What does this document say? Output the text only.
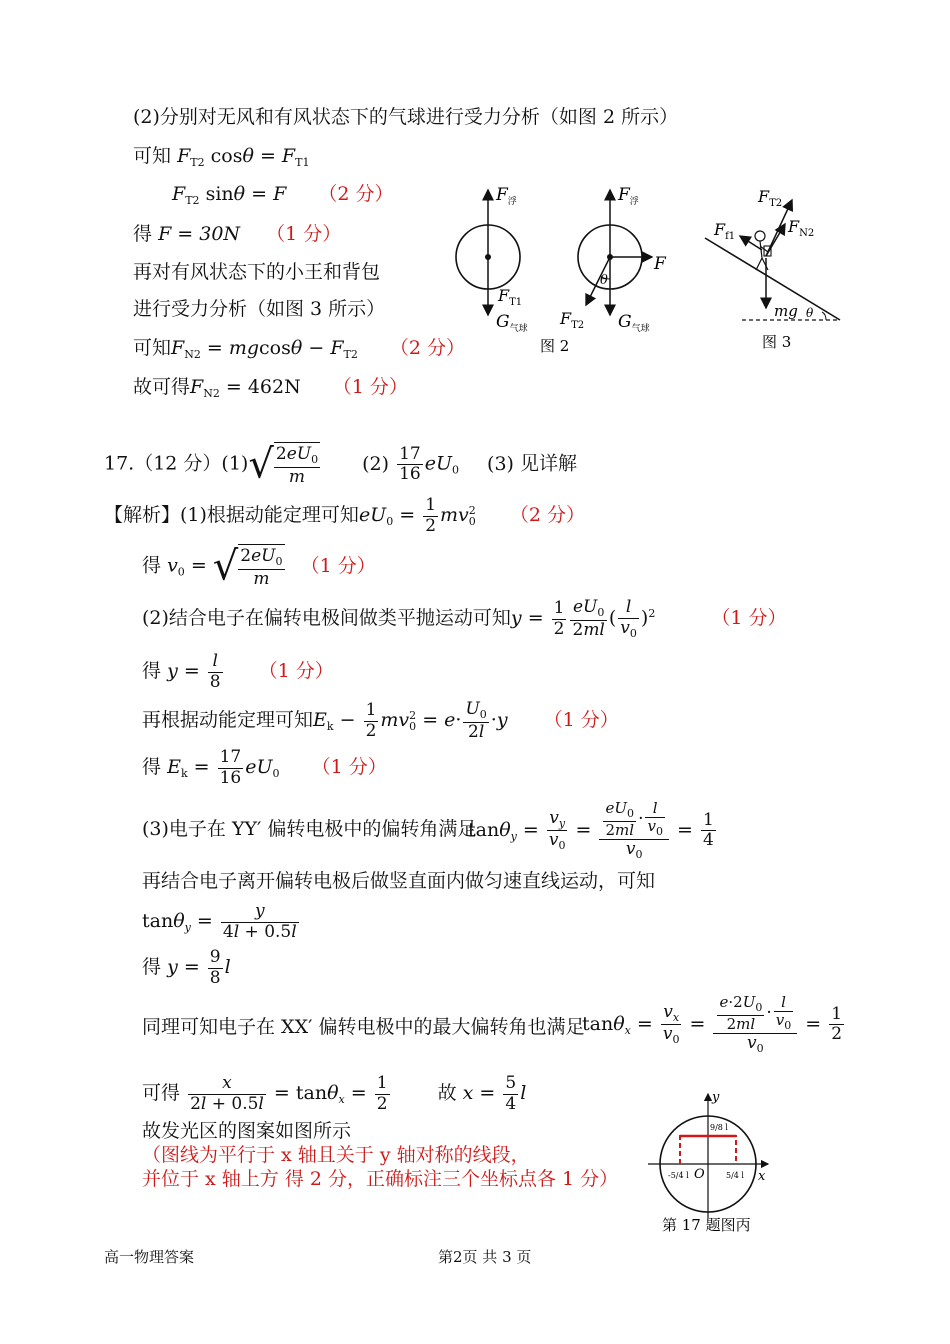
(2)分别对无风和有风状态下的气球进行受力分析（如图 2 所示）
可知 $F_{T2}$ $\cos\theta = F_{T1}$
$F_{T2}$ sinθ = F （2 分）
得 F = 30N （1 分）
再对有风状态下的小王和背包
进行受力分析（如图 3 所示）
可知$F_{N2} = mgcos\theta - F_{T2}$ （2 分）
故可得$F_{N2} = 462N$ （1 分）
$F_浮$
$F_{T1}$
$G_{气球}$
图 2
$F_浮$
F
θ
$F_{T2}$ $G_{气球}$
$F_{T2}$
$F_{f1}$
$F_{N2}$
mg θ
图 3
17.（12 分）$(1)√ \frac{2eU_0}{m} (2) \frac{17}{16} eU_0$ (3) 见详解
【解析】(1)根据动能定理可知$eU_0 = \frac{1}{2} mv_0^2$ （2 分）
得 $v_0$ = √ $\frac{2eU_0}{m} (1$ 分）
(2)结合电子在偏转电极间做类平抛运动可知$y = \frac{1}{2} \frac{eU_0}{2ml}$ ( $\frac{l}{v_0} )^2$	（1 分）
得 $y = \frac{l}{8} (1$ 分）
再根据动能定理可知$E_k - \frac{1}{2} mv_0^2 = e\cdot \frac{U_0}{2l} \cdot y$ （1 分）
得 $E_k = \frac{17}{16} eU_0$ （1 分）
(3)电子在 YY′ 偏转电极中的偏转角满足
$\tan\theta_y = \frac{v_y}{v_0} = \frac{\frac{eU_0}{2ml} \cdot \frac{l}{v_0}}{v_0} = \frac{1}{4}$
再结合电子离开偏转电极后做竖直面内做匀速直线运动，可知
$\tan\theta_y = \frac{y}{4l + 0.5l}$
得 $y = \frac{9}{8}$ l
同理可知电子在 XX′ 偏转电极中的最大偏转角也满足
$\tan\theta_x = \frac{v_x}{v_0} = \frac{\frac{e\cdot 2U_0}{2ml} \cdot \frac{l}{v_0}}{v_0} = \frac{1}{2}$
可得 $\frac{x}{2l + 0.5l} = \tan\theta_x = \frac{1}{2}$	故 $x = \frac{5}{4}$ l
故发光区的图案如图所示
（图线为平行于 x 轴且关于 y 轴对称的线段，
并位于 x 轴上方 得 2 分，正确标注三个坐标点各 1 分）
y
x
O
9/8 l
-5/4 l	5/4 l
第 17 题图丙
高一物理答案	第2页 共 3 页
